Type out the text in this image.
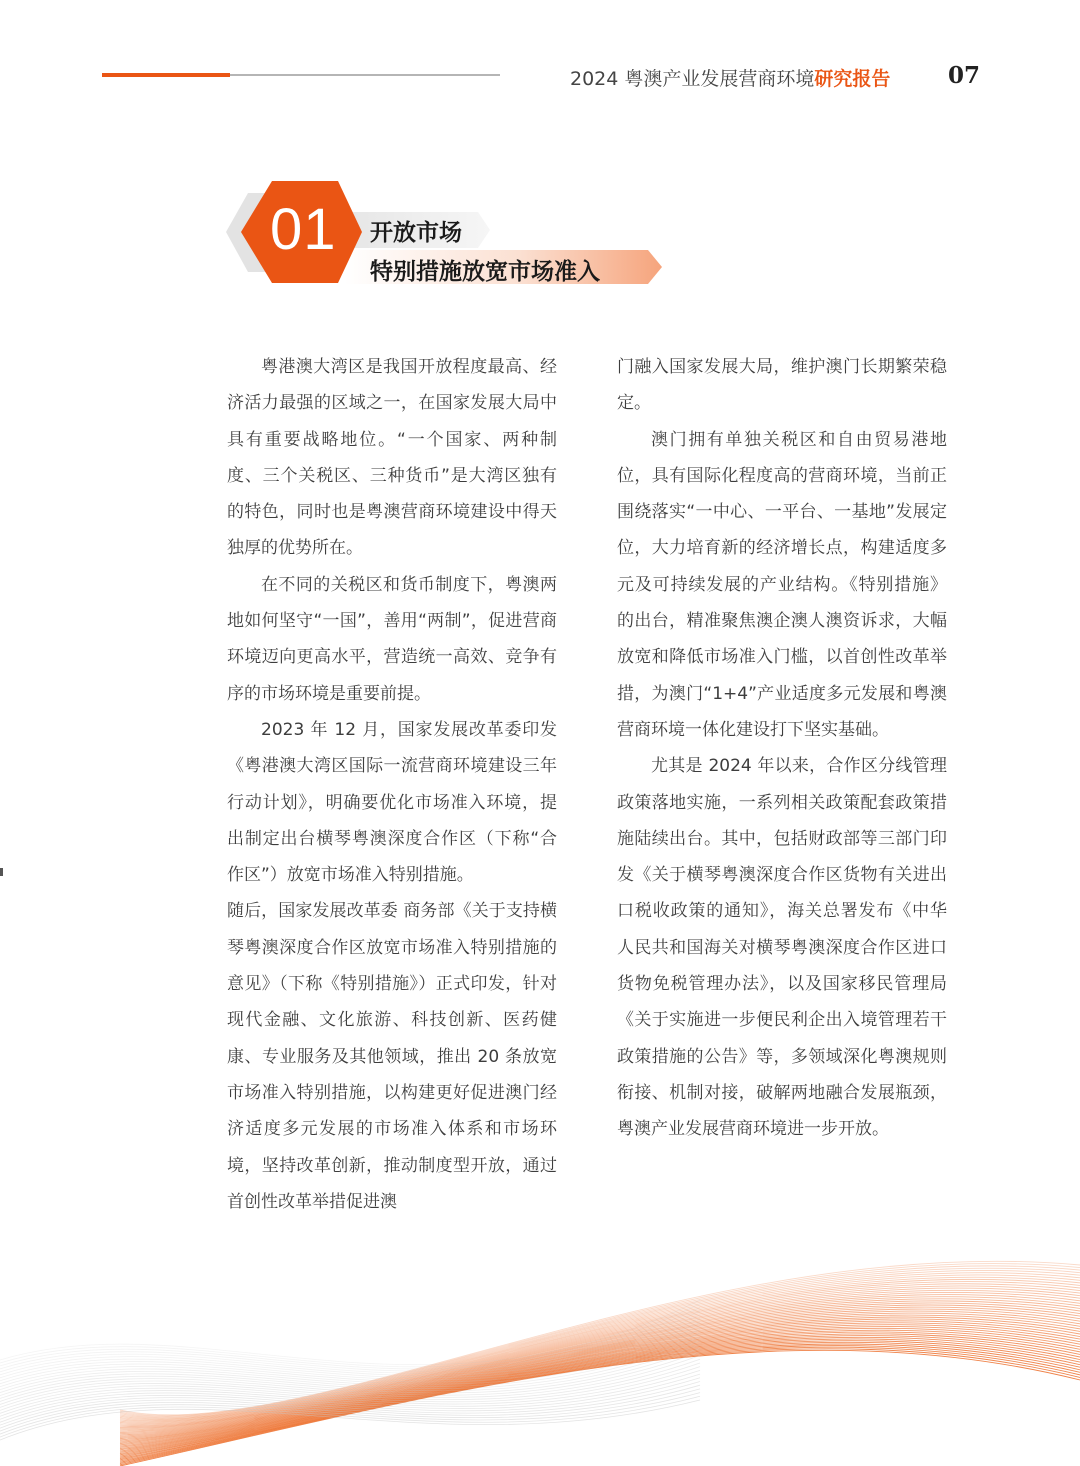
2024 粤澳产业发展营商环境研究报告	07
01 开放市场
特别措施放宽市场准入

粤港澳大湾区是我国开放程度最高、经济活力最强的区域之一，在国家发展大局中具有重要战略地位。“一个国家、两种制度、三个关税区、三种货币”是大湾区独有的特色，同时也是粤澳营商环境建设中得天独厚的优势所在。

在不同的关税区和货币制度下，粤澳两地如何坚守“一国”，善用“两制”，促进营商环境迈向更高水平，营造统一高效、竞争有序的市场环境是重要前提。

2023 年 12 月，国家发展改革委印发《粤港澳大湾区国际一流营商环境建设三年行动计划》，明确要优化市场准入环境，提出制定出台横琴粤澳深度合作区（下称“合作区”）放宽市场准入特别措施。

随后，国家发展改革委 商务部《关于支持横琴粤澳深度合作区放宽市场准入特别措施的意见》（下称《特别措施》）正式印发，针对现代金融、文化旅游、科技创新、医药健康、专业服务及其他领域，推出 20 条放宽市场准入特别措施，以构建更好促进澳门经济适度多元发展的市场准入体系和市场环境，坚持改革创新，推动制度型开放，通过首创性改革举措促进澳

门融入国家发展大局，维护澳门长期繁荣稳定。

澳门拥有单独关税区和自由贸易港地位，具有国际化程度高的营商环境，当前正围绕落实“一中心、一平台、一基地”发展定位，大力培育新的经济增长点，构建适度多元及可持续发展的产业结构。《特别措施》的出台，精准聚焦澳企澳人澳资诉求，大幅放宽和降低市场准入门槛，以首创性改革举措，为澳门“1+4”产业适度多元发展和粤澳营商环境一体化建设打下坚实基础。

尤其是 2024 年以来，合作区分线管理政策落地实施，一系列相关政策配套政策措施陆续出台。其中，包括财政部等三部门印发《关于横琴粤澳深度合作区货物有关进出口税收政策的通知》，海关总署发布《中华人民共和国海关对横琴粤澳深度合作区进口货物免税管理办法》，以及国家移民管理局《关于实施进一步便民利企出入境管理若干政策措施的公告》等，多领域深化粤澳规则衔接、机制对接，破解两地融合发展瓶颈，粤澳产业发展营商环境进一步开放。
